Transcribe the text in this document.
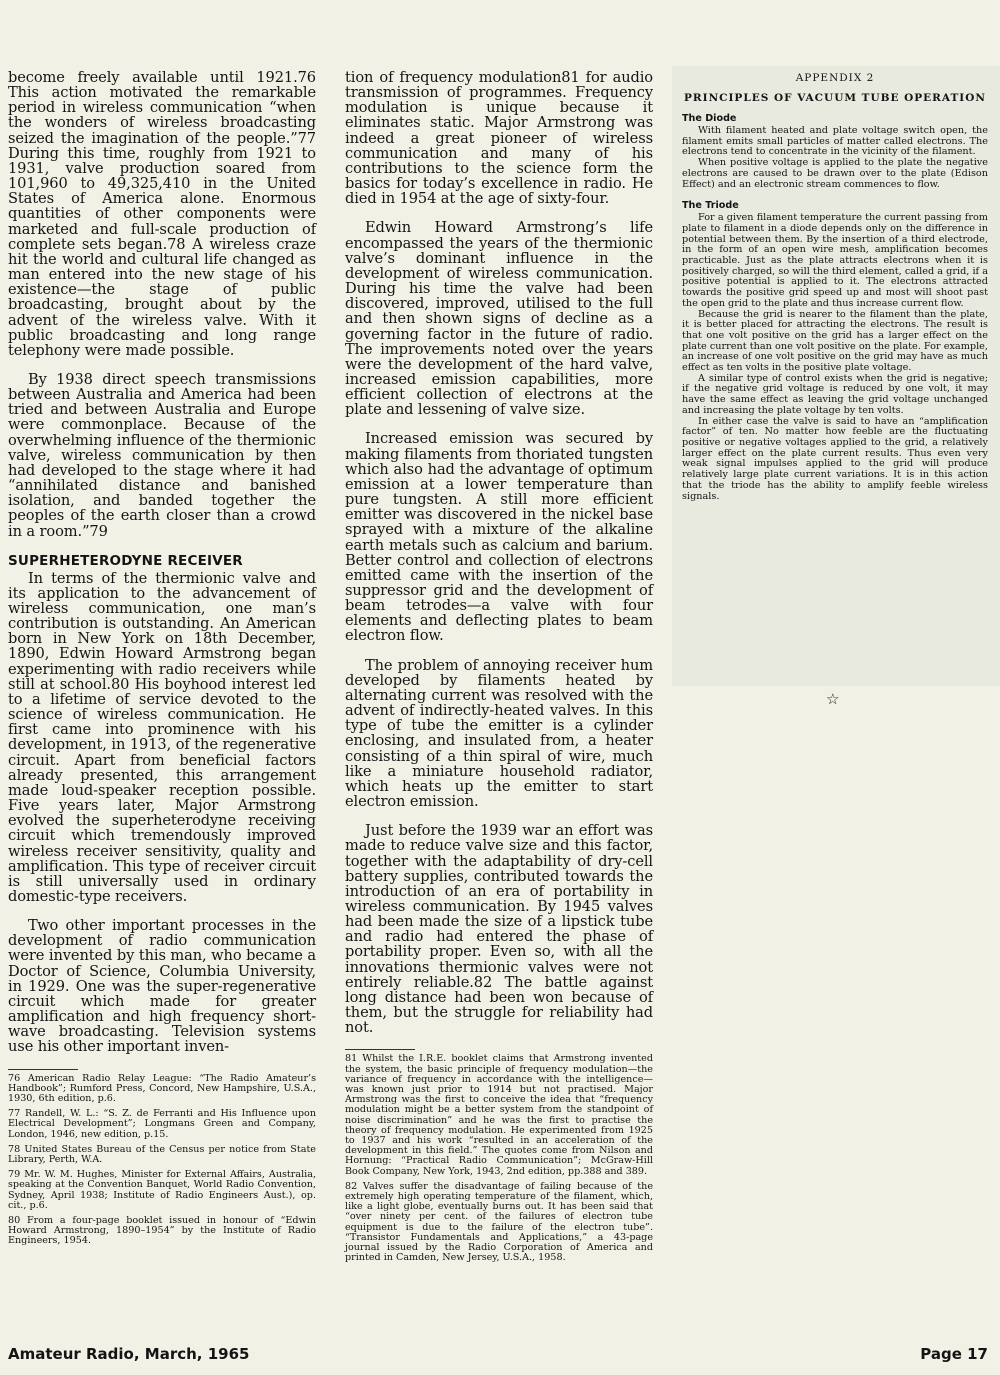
become freely available until 1921.76 This action motivated the remarkable period in wireless communication “when the wonders of wireless broadcasting seized the imagination of the people.”77 During this time, roughly from 1921 to 1931, valve production soared from 101,960 to 49,325,410 in the United States of America alone. Enormous quantities of other components were marketed and full-scale production of complete sets began.78 A wireless craze hit the world and cultural life changed as man entered into the new stage of his existence—the stage of public broadcasting, brought about by the advent of the wireless valve. With it public broadcasting and long range telephony were made possible.

By 1938 direct speech transmissions between Australia and America had been tried and between Australia and Europe were commonplace. Because of the overwhelming influence of the thermionic valve, wireless communication by then had developed to the stage where it had “annihilated distance and banished isolation, and banded together the peoples of the earth closer than a crowd in a room.”79

SUPERHETERODYNE RECEIVER

In terms of the thermionic valve and its application to the advancement of wireless communication, one man’s contribution is outstanding. An American born in New York on 18th December, 1890, Edwin Howard Armstrong began experimenting with radio receivers while still at school.80 His boyhood interest led to a lifetime of service devoted to the science of wireless communication. He first came into prominence with his development, in 1913, of the regenerative circuit. Apart from beneficial factors already presented, this arrangement made loud-speaker reception possible. Five years later, Major Armstrong evolved the superheterodyne receiving circuit which tremendously improved wireless receiver sensitivity, quality and amplification. This type of receiver circuit is still universally used in ordinary domestic-type receivers.

Two other important processes in the development of radio communication were invented by this man, who became a Doctor of Science, Columbia University, in 1929. One was the super-regenerative circuit which made for greater amplification and high frequency short-wave broadcasting. Television systems use his other important inven-

76 American Radio Relay League: “The Radio Amateur’s Handbook”; Rumford Press, Concord, New Hampshire, U.S.A., 1930, 6th edition, p.6.

77 Randell, W. L.: “S. Z. de Ferranti and His Influence upon Electrical Development”; Longmans Green and Company, London, 1946, new edition, p.15.

78 United States Bureau of the Census per notice from State Library, Perth, W.A.

79 Mr. W. M. Hughes, Minister for External Affairs, Australia, speaking at the Convention Banquet, World Radio Convention, Sydney, April 1938; Institute of Radio Engineers Aust.), op. cit., p.6.

80 From a four-page booklet issued in honour of “Edwin Howard Armstrong, 1890–1954” by the Institute of Radio Engineers, 1954.

tion of frequency modulation81 for audio transmission of programmes. Frequency modulation is unique because it eliminates static. Major Armstrong was indeed a great pioneer of wireless communication and many of his contributions to the science form the basics for today’s excellence in radio. He died in 1954 at the age of sixty-four.

Edwin Howard Armstrong’s life encompassed the years of the thermionic valve’s dominant influence in the development of wireless communication. During his time the valve had been discovered, improved, utilised to the full and then shown signs of decline as a governing factor in the future of radio. The improvements noted over the years were the development of the hard valve, increased emission capabilities, more efficient collection of electrons at the plate and lessening of valve size.

Increased emission was secured by making filaments from thoriated tungsten which also had the advantage of optimum emission at a lower temperature than pure tungsten. A still more efficient emitter was discovered in the nickel base sprayed with a mixture of the alkaline earth metals such as calcium and barium. Better control and collection of electrons emitted came with the insertion of the suppressor grid and the development of beam tetrodes—a valve with four elements and deflecting plates to beam electron flow.

The problem of annoying receiver hum developed by filaments heated by alternating current was resolved with the advent of indirectly-heated valves. In this type of tube the emitter is a cylinder enclosing, and insulated from, a heater consisting of a thin spiral of wire, much like a miniature household radiator, which heats up the emitter to start electron emission.

Just before the 1939 war an effort was made to reduce valve size and this factor, together with the adaptability of dry-cell battery supplies, contributed towards the introduction of an era of portability in wireless communication. By 1945 valves had been made the size of a lipstick tube and radio had entered the phase of portability proper. Even so, with all the innovations thermionic valves were not entirely reliable.82 The battle against long distance had been won because of them, but the struggle for reliability had not.

81 Whilst the I.R.E. booklet claims that Armstrong invented the system, the basic principle of frequency modulation—the variance of frequency in accordance with the intelligence—was known just prior to 1914 but not practised. Major Armstrong was the first to conceive the idea that “frequency modulation might be a better system from the standpoint of noise discrimination” and he was the first to practise the theory of frequency modulation. He experimented from 1925 to 1937 and his work “resulted in an acceleration of the development in this field.” The quotes come from Nilson and Hornung: “Practical Radio Communication”; McGraw-Hill Book Company, New York, 1943, 2nd edition, pp.388 and 389.

82 Valves suffer the disadvantage of failing because of the extremely high operating temperature of the filament, which, like a light globe, eventually burns out. It has been said that “over ninety per cent. of the failures of electron tube equipment is due to the failure of the electron tube”. “Transistor Fundamentals and Applications,” a 43-page journal issued by the Radio Corporation of America and printed in Camden, New Jersey, U.S.A., 1958.

APPENDIX 2
PRINCIPLES OF VACUUM TUBE OPERATION
The Diode

With filament heated and plate voltage switch open, the filament emits small particles of matter called electrons. The electrons tend to concentrate in the vicinity of the filament.

When positive voltage is applied to the plate the negative electrons are caused to be drawn over to the plate (Edison Effect) and an electronic stream commences to flow.

The Triode

For a given filament temperature the current passing from plate to filament in a diode depends only on the difference in potential between them. By the insertion of a third electrode, in the form of an open wire mesh, amplification becomes practicable. Just as the plate attracts electrons when it is positively charged, so will the third element, called a grid, if a positive potential is applied to it. The electrons attracted towards the positive grid speed up and most will shoot past the open grid to the plate and thus increase current flow.

Because the grid is nearer to the filament than the plate, it is better placed for attracting the electrons. The result is that one volt positive on the grid has a larger effect on the plate current than one volt positive on the plate. For example, an increase of one volt positive on the grid may have as much effect as ten volts in the positive plate voltage.

A similar type of control exists when the grid is negative; if the negative grid voltage is reduced by one volt, it may have the same effect as leaving the grid voltage unchanged and increasing the plate voltage by ten volts.

In either case the valve is said to have an “amplification factor” of ten. No matter how feeble are the fluctuating positive or negative voltages applied to the grid, a relatively larger effect on the plate current results. Thus even very weak signal impulses applied to the grid will produce relatively large plate current variations. It is in this action that the triode has the ability to amplify feeble wireless signals.

☆
Amateur Radio, March, 1965	Page 17
